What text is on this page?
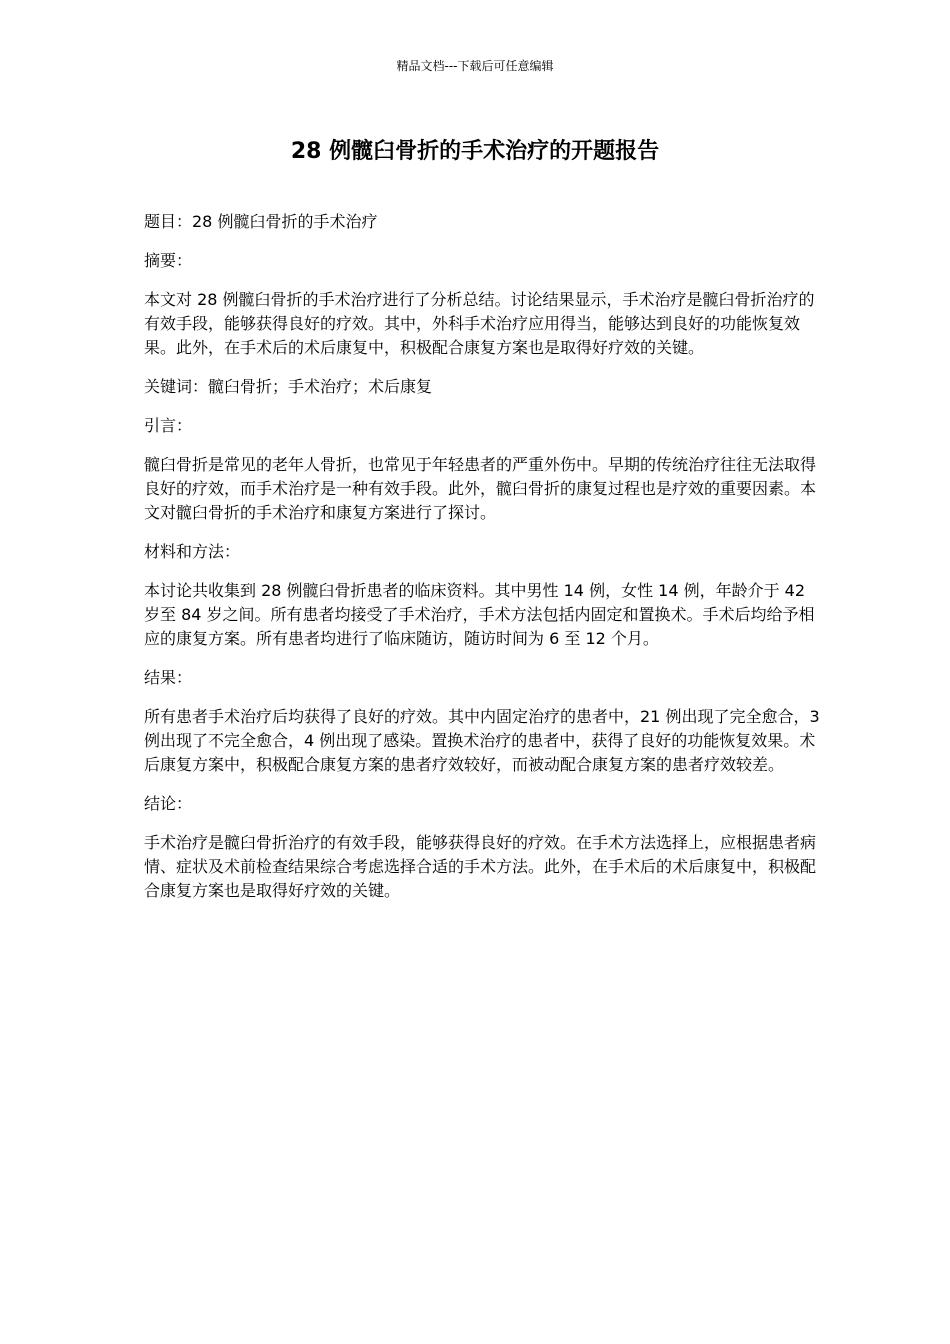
精品文档---下载后可任意编辑
28 例髋臼骨折的手术治疗的开题报告

题目：28 例髋臼骨折的手术治疗

摘要：

本文对 28 例髋臼骨折的手术治疗进行了分析总结。讨论结果显示，手术治疗是髋臼骨折治疗的有效手段，能够获得良好的疗效。其中，外科手术治疗应用得当，能够达到良好的功能恢复效果。此外，在手术后的术后康复中，积极配合康复方案也是取得好疗效的关键。

关键词：髋臼骨折；手术治疗；术后康复

引言：

髋臼骨折是常见的老年人骨折，也常见于年轻患者的严重外伤中。早期的传统治疗往往无法取得良好的疗效，而手术治疗是一种有效手段。此外，髋臼骨折的康复过程也是疗效的重要因素。本文对髋臼骨折的手术治疗和康复方案进行了探讨。

材料和方法：

本讨论共收集到 28 例髋臼骨折患者的临床资料。其中男性 14 例，女性 14 例，年龄介于 42 岁至 84 岁之间。所有患者均接受了手术治疗，手术方法包括内固定和置换术。手术后均给予相应的康复方案。所有患者均进行了临床随访，随访时间为 6 至 12 个月。

结果：

所有患者手术治疗后均获得了良好的疗效。其中内固定治疗的患者中，21 例出现了完全愈合，3 例出现了不完全愈合，4 例出现了感染。置换术治疗的患者中，获得了良好的功能恢复效果。术后康复方案中，积极配合康复方案的患者疗效较好，而被动配合康复方案的患者疗效较差。

结论：

手术治疗是髋臼骨折治疗的有效手段，能够获得良好的疗效。在手术方法选择上，应根据患者病情、症状及术前检查结果综合考虑选择合适的手术方法。此外，在手术后的术后康复中，积极配合康复方案也是取得好疗效的关键。
